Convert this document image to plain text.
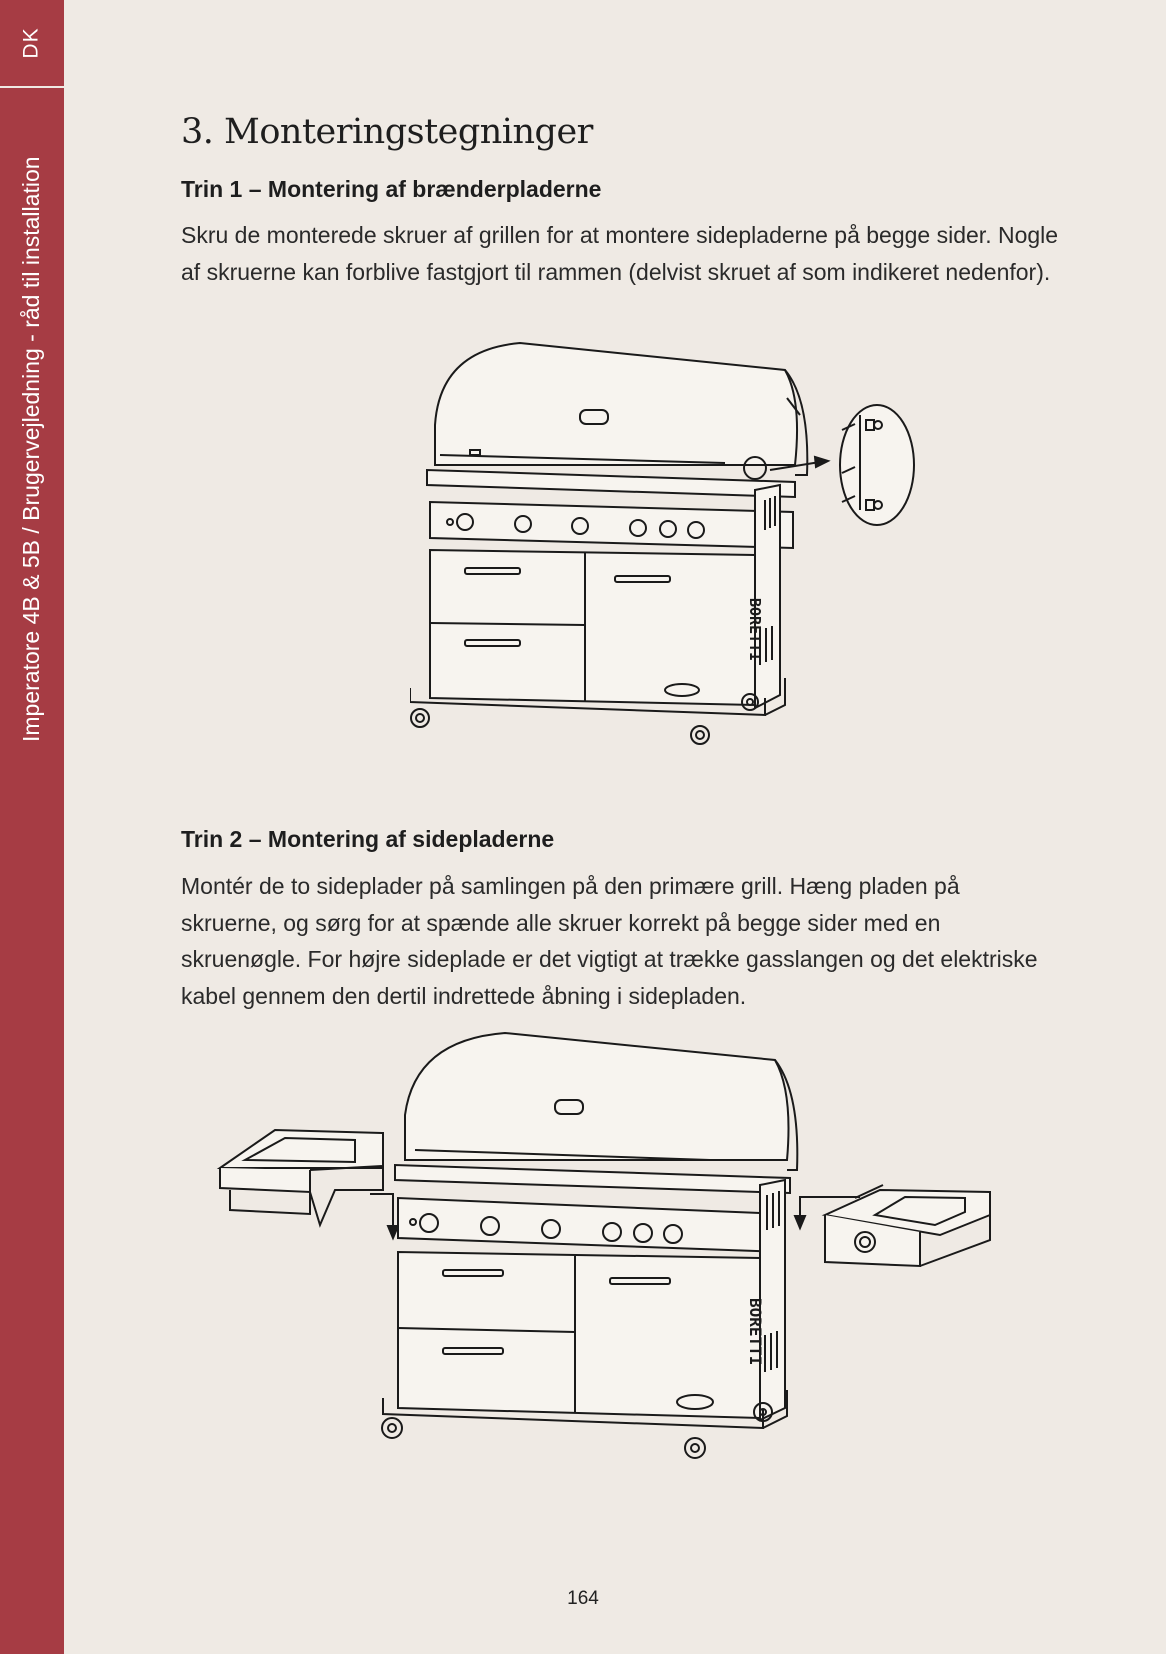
DK
Imperatore 4B & 5B / Brugervejledning - råd til installation
3. Monteringstegninger
Trin 1 – Montering af brænderpladerne

Skru de monterede skruer af grillen for at montere sidepladerne på begge sider. Nogle af skruerne kan forblive fastgjort til rammen (delvist skruet af som indikeret nedenfor).

BORETTI
Trin 2 – Montering af sidepladerne

Montér de to sideplader på samlingen på den primære grill. Hæng pladen på skruerne, og sørg for at spænde alle skruer korrekt på begge sider med en skruenøgle. For højre sideplade er det vigtigt at trække gasslangen og det elektriske kabel gennem den dertil indrettede åbning i sidepladen.

BORETTI
164
